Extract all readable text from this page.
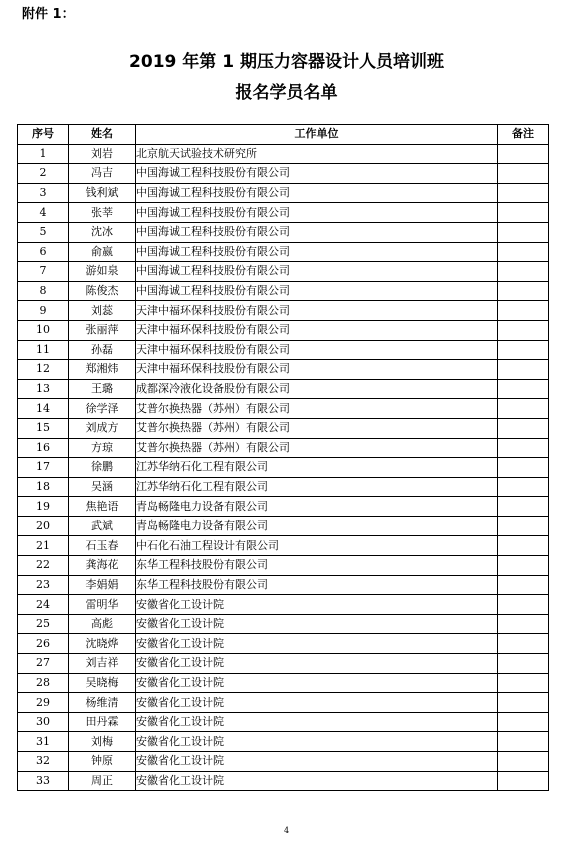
附件 1：
2019 年第 1 期压力容器设计人员培训班
报名学员名单
序号	姓名	工作单位	备注
1	刘岩	北京航天试验技术研究所	
2	冯吉	中国海诚工程科技股份有限公司	
3	钱利斌	中国海诚工程科技股份有限公司	
4	张莘	中国海诚工程科技股份有限公司	
5	沈冰	中国海诚工程科技股份有限公司	
6	俞嬴	中国海诚工程科技股份有限公司	
7	游如泉	中国海诚工程科技股份有限公司	
8	陈俊杰	中国海诚工程科技股份有限公司	
9	刘蕊	天津中福环保科技股份有限公司	
10	张丽萍	天津中福环保科技股份有限公司	
11	孙磊	天津中福环保科技股份有限公司	
12	郑湘炜	天津中福环保科技股份有限公司	
13	王璐	成都深冷液化设备股份有限公司	
14	徐学泽	艾普尔换热器（苏州）有限公司	
15	刘成方	艾普尔换热器（苏州）有限公司	
16	方琼	艾普尔换热器（苏州）有限公司	
17	徐鹏	江苏华纳石化工程有限公司	
18	吴涵	江苏华纳石化工程有限公司	
19	焦艳语	青岛畅隆电力设备有限公司	
20	武斌	青岛畅隆电力设备有限公司	
21	石玉春	中石化石油工程设计有限公司	
22	龚海花	东华工程科技股份有限公司	
23	李娟娟	东华工程科技股份有限公司	
24	雷明华	安徽省化工设计院	
25	高彪	安徽省化工设计院	
26	沈晓烨	安徽省化工设计院	
27	刘吉祥	安徽省化工设计院	
28	吴晓梅	安徽省化工设计院	
29	杨维清	安徽省化工设计院	
30	田丹霖	安徽省化工设计院	
31	刘梅	安徽省化工设计院	
32	钟原	安徽省化工设计院	
33	周正	安徽省化工设计院	
4
